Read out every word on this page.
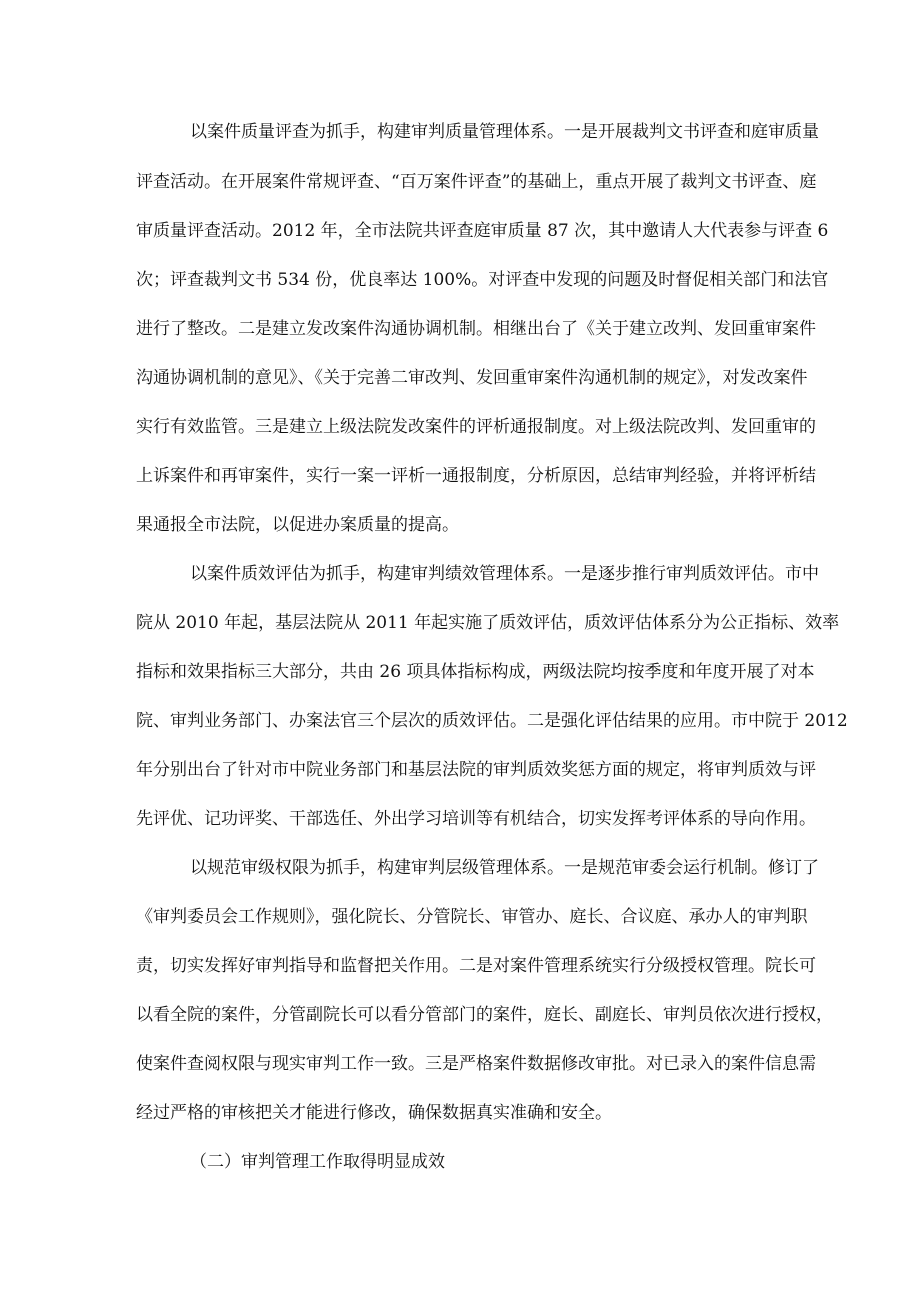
以案件质量评查为抓手，构建审判质量管理体系。一是开展裁判文书评查和庭审质量
评查活动。在开展案件常规评查、“百万案件评查”的基础上，重点开展了裁判文书评查、庭
审质量评查活动。2012 年，全市法院共评查庭审质量 87 次，其中邀请人大代表参与评查 6
次；评查裁判文书 534 份，优良率达 100%。对评查中发现的问题及时督促相关部门和法官
进行了整改。二是建立发改案件沟通协调机制。相继出台了《关于建立改判、发回重审案件
沟通协调机制的意见》、《关于完善二审改判、发回重审案件沟通机制的规定》，对发改案件
实行有效监管。三是建立上级法院发改案件的评析通报制度。对上级法院改判、发回重审的
上诉案件和再审案件，实行一案一评析一通报制度，分析原因，总结审判经验，并将评析结
果通报全市法院，以促进办案质量的提高。
以案件质效评估为抓手，构建审判绩效管理体系。一是逐步推行审判质效评估。市中
院从 2010 年起，基层法院从 2011 年起实施了质效评估，质效评估体系分为公正指标、效率
指标和效果指标三大部分，共由 26 项具体指标构成，两级法院均按季度和年度开展了对本
院、审判业务部门、办案法官三个层次的质效评估。二是强化评估结果的应用。市中院于 2012
年分别出台了针对市中院业务部门和基层法院的审判质效奖惩方面的规定，将审判质效与评
先评优、记功评奖、干部选任、外出学习培训等有机结合，切实发挥考评体系的导向作用。
以规范审级权限为抓手，构建审判层级管理体系。一是规范审委会运行机制。修订了
《审判委员会工作规则》，强化院长、分管院长、审管办、庭长、合议庭、承办人的审判职
责，切实发挥好审判指导和监督把关作用。二是对案件管理系统实行分级授权管理。院长可
以看全院的案件，分管副院长可以看分管部门的案件，庭长、副庭长、审判员依次进行授权，
使案件查阅权限与现实审判工作一致。三是严格案件数据修改审批。对已录入的案件信息需
经过严格的审核把关才能进行修改，确保数据真实准确和安全。
（二）审判管理工作取得明显成效
